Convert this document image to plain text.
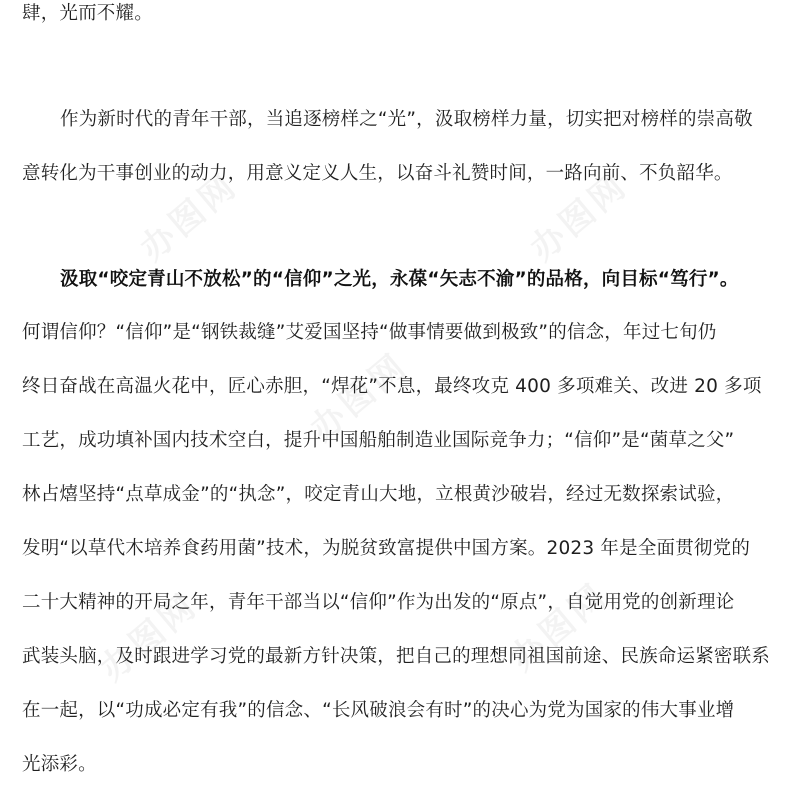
办图网	办图网
办图网
办图网	办图网
肆，光而不耀。
作为新时代的青年干部，当追逐榜样之“光”，汲取榜样力量，切实把对榜样的崇高敬
意转化为干事创业的动力，用意义定义人生，以奋斗礼赞时间，一路向前、不负韶华。
汲取“咬定青山不放松”的“信仰”之光，永葆“矢志不渝”的品格，向目标“笃行”。
何谓信仰？“信仰”是“钢铁裁缝”艾爱国坚持“做事情要做到极致”的信念，年过七旬仍
终日奋战在高温火花中，匠心赤胆，“焊花”不息，最终攻克 400 多项难关、改进 20 多项
工艺，成功填补国内技术空白，提升中国船舶制造业国际竞争力；“信仰”是“菌草之父”
林占熺坚持“点草成金”的“执念”，咬定青山大地，立根黄沙破岩，经过无数探索试验，
发明“以草代木培养食药用菌”技术，为脱贫致富提供中国方案。2023 年是全面贯彻党的
二十大精神的开局之年，青年干部当以“信仰”作为出发的“原点”，自觉用党的创新理论
武装头脑，及时跟进学习党的最新方针决策，把自己的理想同祖国前途、民族命运紧密联系
在一起，以“功成必定有我”的信念、“长风破浪会有时”的决心为党为国家的伟大事业增
光添彩。
